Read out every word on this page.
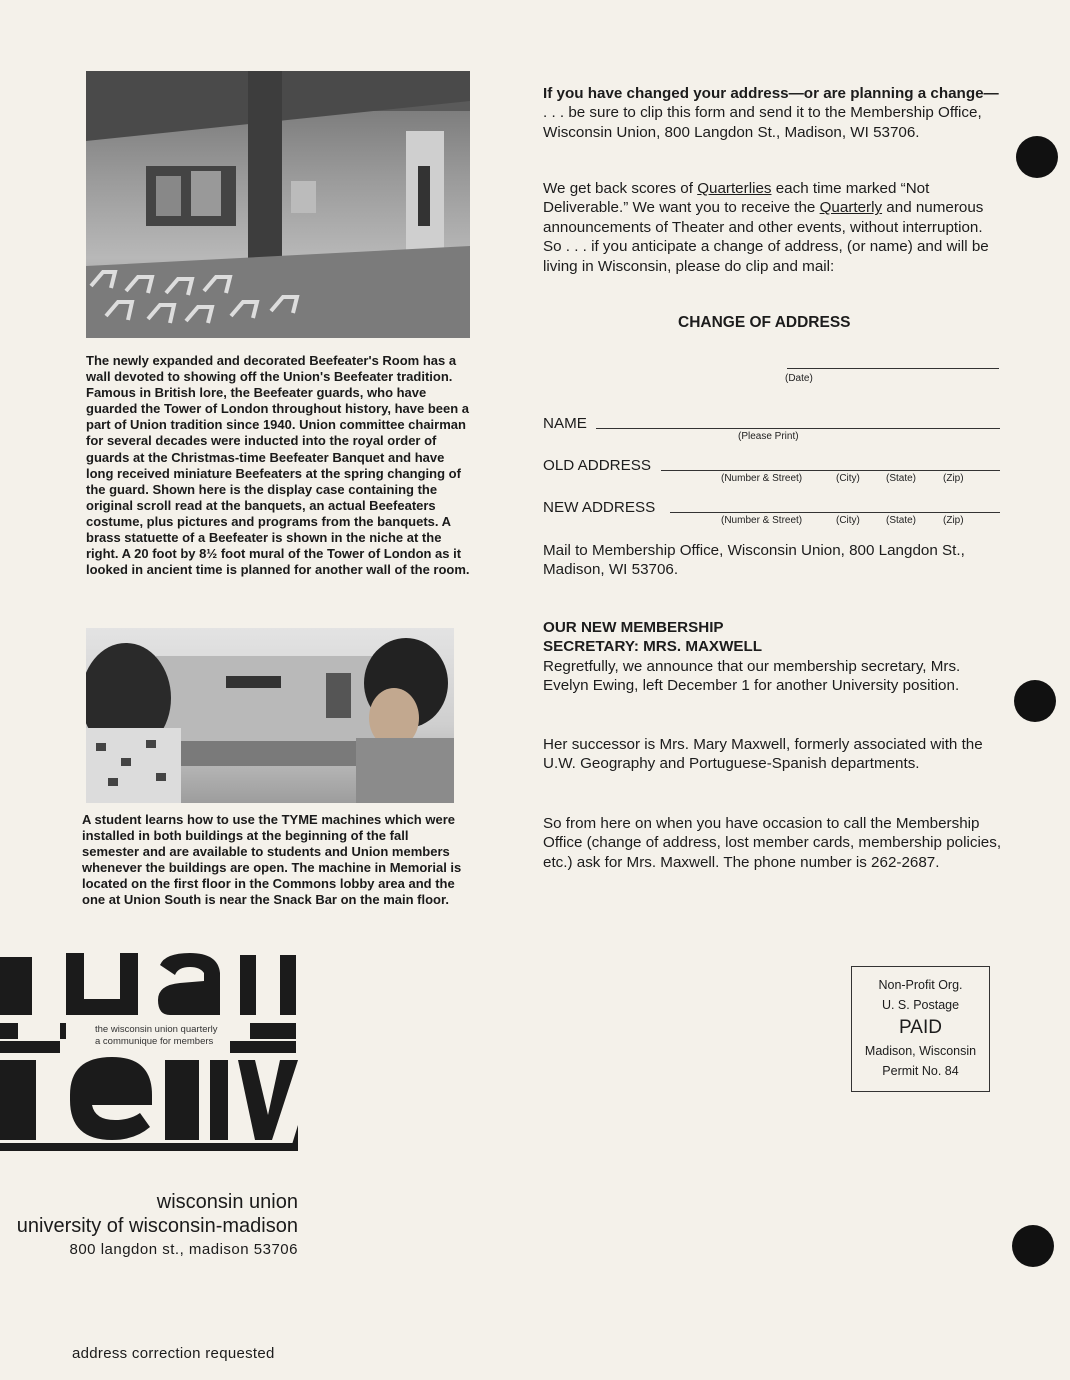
The newly expanded and decorated Beefeater's Room has a wall devoted to showing off the Union's Beefeater tradition. Famous in British lore, the Beefeater guards, who have guarded the Tower of London throughout history, have been a part of Union tradition since 1940. Union committee chairman for several decades were inducted into the royal order of guards at the Christmas-time Beefeater Banquet and have long received miniature Beefeaters at the spring changing of the guard. Shown here is the display case containing the original scroll read at the banquets, an actual Beefeaters costume, plus pictures and programs from the banquets. A brass statuette of a Beefeater is shown in the niche at the right. A 20 foot by 8½ foot mural of the Tower of London as it looked in ancient time is planned for another wall of the room.

A student learns how to use the TYME machines which were installed in both buildings at the beginning of the fall semester and are available to students and Union members whenever the buildings are open. The machine in Memorial is located on the first floor in the Commons lobby area and the one at Union South is near the Snack Bar on the main floor.

the wisconsin union quarterly
a communique for members
wisconsin union
university of wisconsin-madison
800 langdon st., madison 53706
address correction requested

If you have changed your address—or are planning a change— . . . be sure to clip this form and send it to the Membership Office, Wisconsin Union, 800 Langdon St., Madison, WI 53706.

We get back scores of Quarterlies each time marked “Not Deliverable.” We want you to receive the Quarterly and numerous announcements of Theater and other events, without interruption. So . . . if you anticipate a change of address, (or name) and will be living in Wisconsin, please do clip and mail:

CHANGE OF ADDRESS
(Date)
NAME
(Please Print)
OLD ADDRESS
(Number & Street)	(City)	(State)	(Zip)
NEW ADDRESS
(Number & Street)	(City)	(State)	(Zip)

Mail to Membership Office, Wisconsin Union, 800 Langdon St., Madison, WI 53706.

OUR NEW MEMBERSHIP
SECRETARY: MRS. MAXWELL

Regretfully, we announce that our membership secretary, Mrs. Evelyn Ewing, left December 1 for another University position.

Her successor is Mrs. Mary Maxwell, formerly associated with the U.W. Geography and Portuguese-Spanish departments.

So from here on when you have occasion to call the Membership Office (change of address, lost member cards, membership policies, etc.) ask for Mrs. Maxwell. The phone number is 262-2687.

Non-Profit Org.
U. S. Postage
PAID
Madison, Wisconsin
Permit No. 84
